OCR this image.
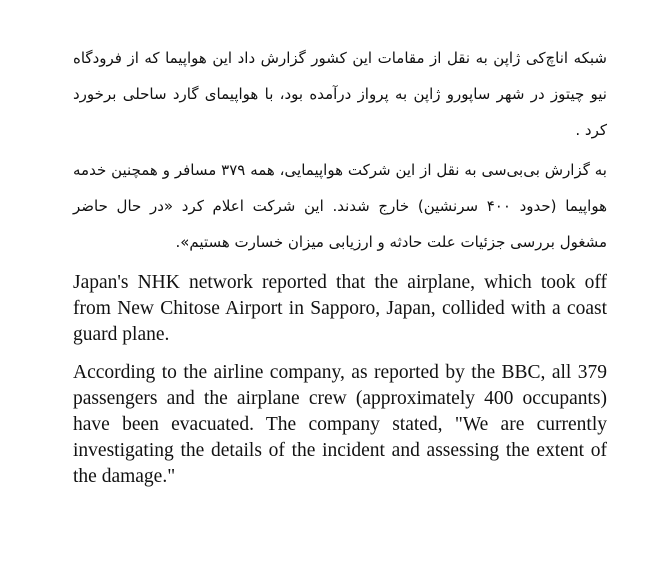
شبکه اناچ‌کی ژاپن به نقل از مقامات این کشور گزارش داد این هواپیما که از فرودگاه نیو چیتوز در شهر ساپورو ژاپن به پرواز درآمده بود، با هواپیمای گارد ساحلی برخورد کرد .

به گزارش بی‌بی‌سی به نقل از این شرکت هواپیمایی، همه ۳۷۹ مسافر و همچنین خدمه هواپیما (حدود ۴۰۰ سرنشین) خارج شدند. این شرکت اعلام کرد «در حال حاضر مشغول بررسی جزئیات علت حادثه و ارزیابی میزان خسارت هستیم».

Japan's NHK network reported that the airplane, which took off from New Chitose Airport in Sapporo, Japan, collided with a coast guard plane.

According to the airline company, as reported by the BBC, all 379 passengers and the airplane crew (approximately 400 occupants) have been evacuated. The company stated, "We are currently investigating the details of the incident and assessing the extent of the damage."
